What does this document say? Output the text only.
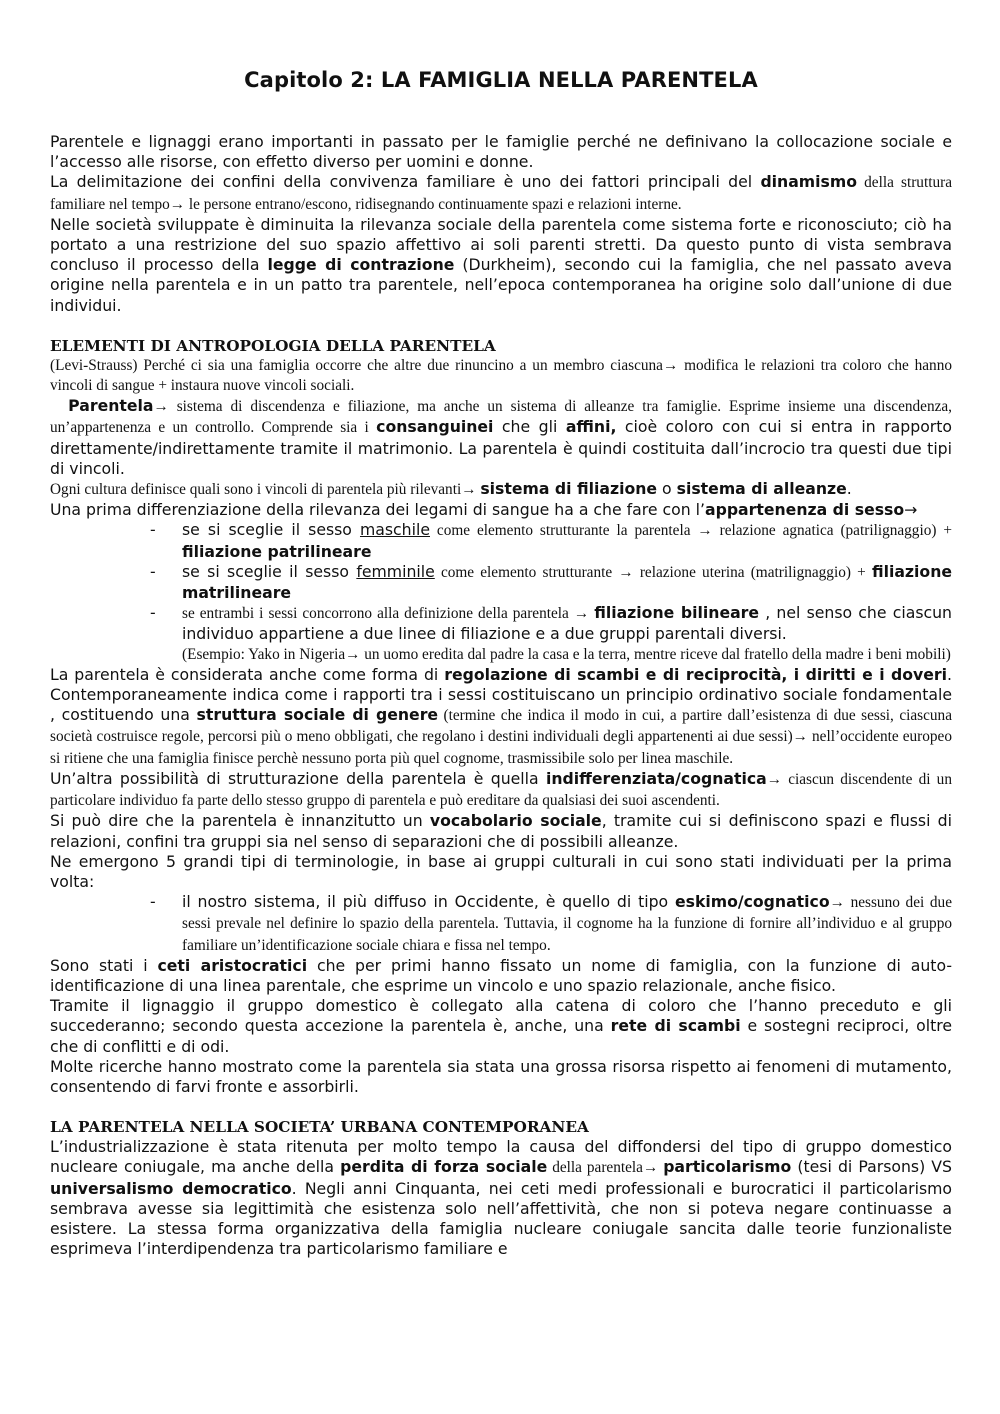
Capitolo 2: LA FAMIGLIA NELLA PARENTELA

Parentele e lignaggi erano importanti in passato per le famiglie perché ne definivano la collocazione sociale e l’accesso alle risorse, con effetto diverso per uomini e donne.

La delimitazione dei confini della convivenza familiare è uno dei fattori principali del dinamismo della struttura familiare nel tempo→ le persone entrano/escono, ridisegnando continuamente spazi e relazioni interne.

Nelle società sviluppate è diminuita la rilevanza sociale della parentela come sistema forte e riconosciuto; ciò ha portato a una restrizione del suo spazio affettivo ai soli parenti stretti. Da questo punto di vista sembrava concluso il processo della legge di contrazione (Durkheim), secondo cui la famiglia, che nel passato aveva origine nella parentela e in un patto tra parentele, nell’epoca contemporanea ha origine solo dall’unione di due individui.

ELEMENTI DI ANTROPOLOGIA DELLA PARENTELA

(Levi-Strauss) Perché ci sia una famiglia occorre che altre due rinuncino a un membro ciascuna→ modifica le relazioni tra coloro che hanno vincoli di sangue + instaura nuove vincoli sociali.

Parentela→ sistema di discendenza e filiazione, ma anche un sistema di alleanze tra famiglie. Esprime insieme una discendenza, un’appartenenza e un controllo. Comprende sia i consanguinei che gli affini, cioè coloro con cui si entra in rapporto direttamente/indirettamente tramite il matrimonio. La parentela è quindi costituita dall’incrocio tra questi due tipi di vincoli.

Ogni cultura definisce quali sono i vincoli di parentela più rilevanti→ sistema di filiazione o sistema di alleanze.

Una prima differenziazione della rilevanza dei legami di sangue ha a che fare con l’appartenenza di sesso→

- se si sceglie il sesso maschile come elemento strutturante la parentela → relazione agnatica (patrilignaggio) + filiazione patrilineare

- se si sceglie il sesso femminile come elemento strutturante → relazione uterina (matrilignaggio) + filiazione matrilineare

- se entrambi i sessi concorrono alla definizione della parentela → filiazione bilineare , nel senso che ciascun individuo appartiene a due linee di filiazione e a due gruppi parentali diversi.

(Esempio: Yako in Nigeria→ un uomo eredita dal padre la casa e la terra, mentre riceve dal fratello della madre i beni mobili)

La parentela è considerata anche come forma di regolazione di scambi e di reciprocità, i diritti e i doveri. Contemporaneamente indica come i rapporti tra i sessi costituiscano un principio ordinativo sociale fondamentale , costituendo una struttura sociale di genere (termine che indica il modo in cui, a partire dall’esistenza di due sessi, ciascuna società costruisce regole, percorsi più o meno obbligati, che regolano i destini individuali degli appartenenti ai due sessi)→ nell’occidente europeo si ritiene che una famiglia finisce perchè nessuno porta più quel cognome, trasmissibile solo per linea maschile.

Un’altra possibilità di strutturazione della parentela è quella indifferenziata/cognatica→ ciascun discendente di un particolare individuo fa parte dello stesso gruppo di parentela e può ereditare da qualsiasi dei suoi ascendenti.

Si può dire che la parentela è innanzitutto un vocabolario sociale, tramite cui si definiscono spazi e flussi di relazioni, confini tra gruppi sia nel senso di separazioni che di possibili alleanze.

Ne emergono 5 grandi tipi di terminologie, in base ai gruppi culturali in cui sono stati individuati per la prima volta:

- il nostro sistema, il più diffuso in Occidente, è quello di tipo eskimo/cognatico→ nessuno dei due sessi prevale nel definire lo spazio della parentela. Tuttavia, il cognome ha la funzione di fornire all’individuo e al gruppo familiare un’identificazione sociale chiara e fissa nel tempo.

Sono stati i ceti aristocratici che per primi hanno fissato un nome di famiglia, con la funzione di auto-identificazione di una linea parentale, che esprime un vincolo e uno spazio relazionale, anche fisico.

Tramite il lignaggio il gruppo domestico è collegato alla catena di coloro che l’hanno preceduto e gli succederanno; secondo questa accezione la parentela è, anche, una rete di scambi e sostegni reciproci, oltre che di conflitti e di odi.

Molte ricerche hanno mostrato come la parentela sia stata una grossa risorsa rispetto ai fenomeni di mutamento, consentendo di farvi fronte e assorbirli.

LA PARENTELA NELLA SOCIETA’ URBANA CONTEMPORANEA

L’industrializzazione è stata ritenuta per molto tempo la causa del diffondersi del tipo di gruppo domestico nucleare coniugale, ma anche della perdita di forza sociale della parentela→ particolarismo (tesi di Parsons) VS universalismo democratico. Negli anni Cinquanta, nei ceti medi professionali e burocratici il particolarismo sembrava avesse sia legittimità che esistenza solo nell’affettività, che non si poteva negare continuasse a esistere. La stessa forma organizzativa della famiglia nucleare coniugale sancita dalle teorie funzionaliste esprimeva l’interdipendenza tra particolarismo familiare e
